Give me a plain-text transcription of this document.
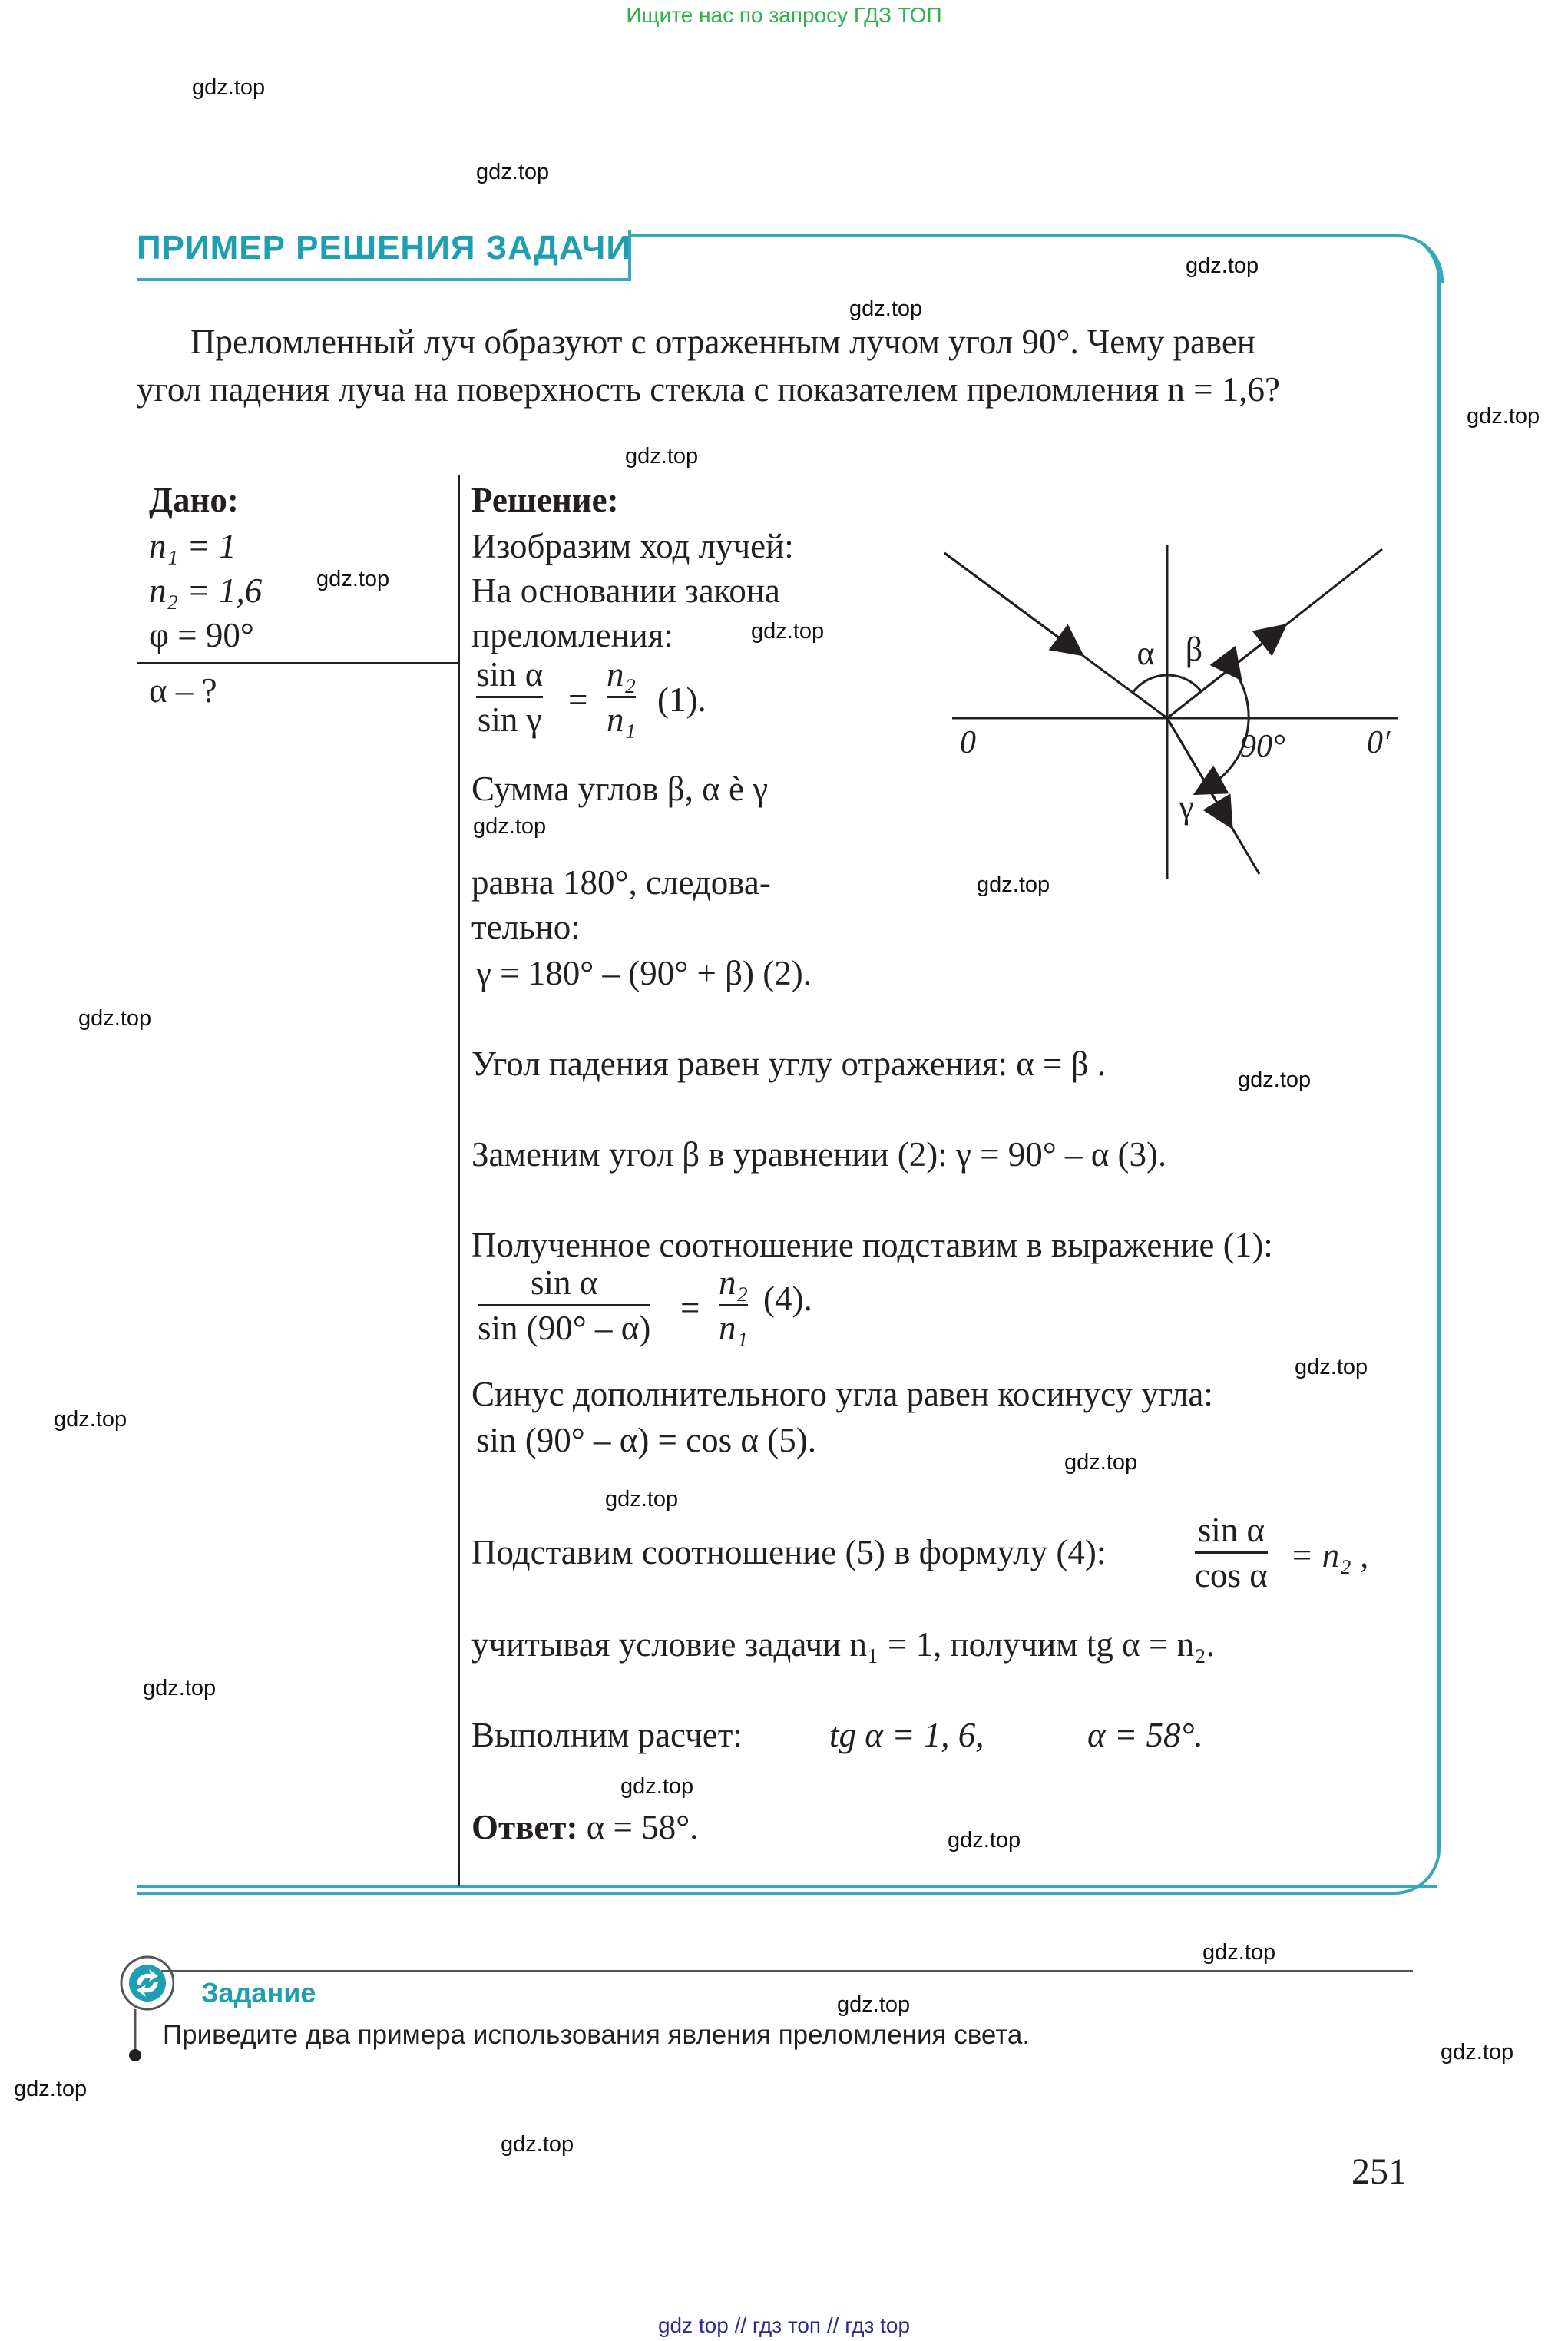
Ищите нас по запросу ГДЗ ТОП
gdz.top
gdz.top
gdz.top
gdz.top
gdz.top
gdz.top
gdz.top
gdz.top
gdz.top
gdz.top
gdz.top
gdz.top
gdz.top
gdz.top
gdz.top
gdz.top
gdz.top
gdz.top
gdz.top
gdz.top
gdz.top
gdz.top
gdz.top
gdz.top
ПРИМЕР РЕШЕНИЯ ЗАДАЧИ
Преломленный луч образуют с отраженным лучом угол 90°. Чему равен
угол падения луча на поверхность стекла с показателем преломления n = 1,6?
Дано:
n₁ = 1
n₂ = 1,6
φ = 90°
α – ?
Решение:
Изобразим ход лучей:
На основании закона
преломления:
sin α
sin γ
=
n₂
n₁
(1).
Сумма углов β, α è γ
равна 180°, следова-
тельно:
γ = 180° – (90° + β) (2).
Угол падения равен углу отражения: α = β .
Заменим угол β в уравнении (2): γ = 90° – α (3).
Полученное соотношение подставим в выражение (1):
sin α
sin (90° – α)
=
n₂
n₁
(4).
Синус дополнительного угла равен косинусу угла:
sin (90° – α) = cos α (5).
Подставим соотношение (5) в формулу (4):
sin α
cos α
= n₂ ,
учитывая условие задачи n₁ = 1, получим tg α = n₂.
Выполним расчет:	tg α = 1, 6,	α = 58°.
Ответ: α = 58°.
α β
γ
0	0′
90°
Задание
Приведите два примера использования явления преломления света.
251
gdz top // гдз топ // гдз top
